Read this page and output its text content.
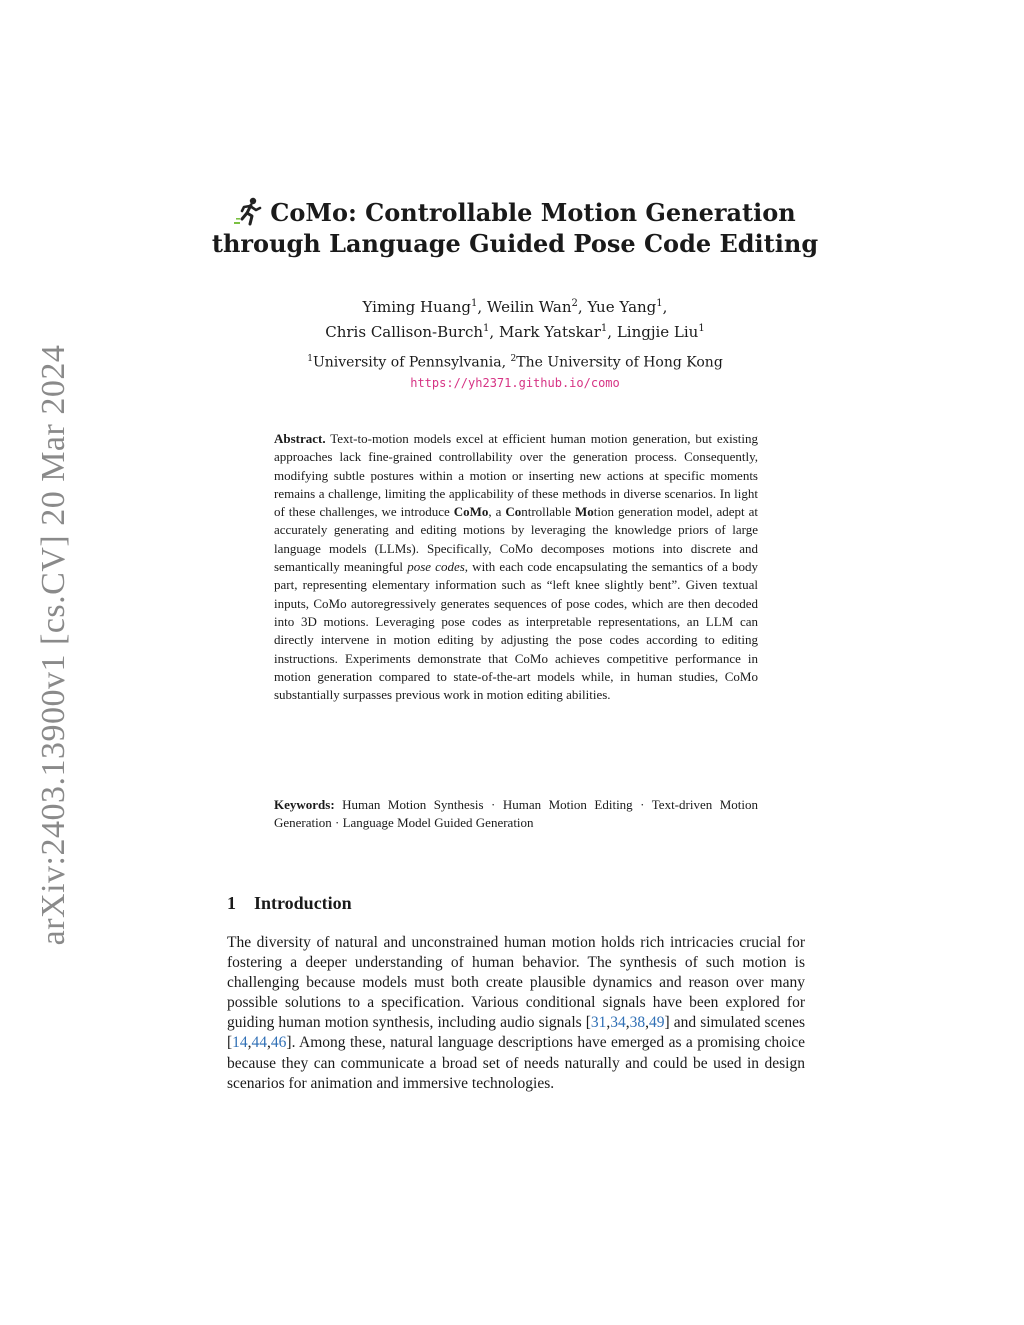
arXiv:2403.13900v1 [cs.CV] 20 Mar 2024
CoMo: Controllable Motion Generation
through Language Guided Pose Code Editing
Yiming Huang$^1$, Weilin Wan$^2$, Yue Yang$^1$,
Chris Callison-Burch$^1$, Mark Yatskar$^1$, Lingjie Liu$^1$
$^1$University of Pennsylvania, $^2$The University of Hong Kong
https://yh2371.github.io/como
Abstract. Text-to-motion models excel at efficient human motion generation, but existing approaches lack fine-grained controllability over the generation process. Consequently, modifying subtle postures within a motion or inserting new actions at specific moments remains a challenge, limiting the applicability of these methods in diverse scenarios. In light of these challenges, we introduce CoMo, a Controllable Motion generation model, adept at accurately generating and editing motions by leveraging the knowledge priors of large language models (LLMs). Specifically, CoMo decomposes motions into discrete and semantically meaningful pose codes, with each code encapsulating the semantics of a body part, representing elementary information such as “left knee slightly bent”. Given textual inputs, CoMo autoregressively generates sequences of pose codes, which are then decoded into 3D motions. Leveraging pose codes as interpretable representations, an LLM can directly intervene in motion editing by adjusting the pose codes according to editing instructions. Experiments demonstrate that CoMo achieves competitive performance in motion generation compared to state-of-the-art models while, in human studies, CoMo substantially surpasses previous work in motion editing abilities.
Keywords: Human Motion Synthesis · Human Motion Editing · Text-driven Motion Generation · Language Model Guided Generation
1 Introduction
The diversity of natural and unconstrained human motion holds rich intricacies crucial for fostering a deeper understanding of human behavior. The synthesis of such motion is challenging because models must both create plausible dynamics and reason over many possible solutions to a specification. Various conditional signals have been explored for guiding human motion synthesis, including audio signals [31,34,38,49] and simulated scenes [14,44,46]. Among these, natural language descriptions have emerged as a promising choice because they can communicate a broad set of needs naturally and could be used in design scenarios for animation and immersive technologies.
